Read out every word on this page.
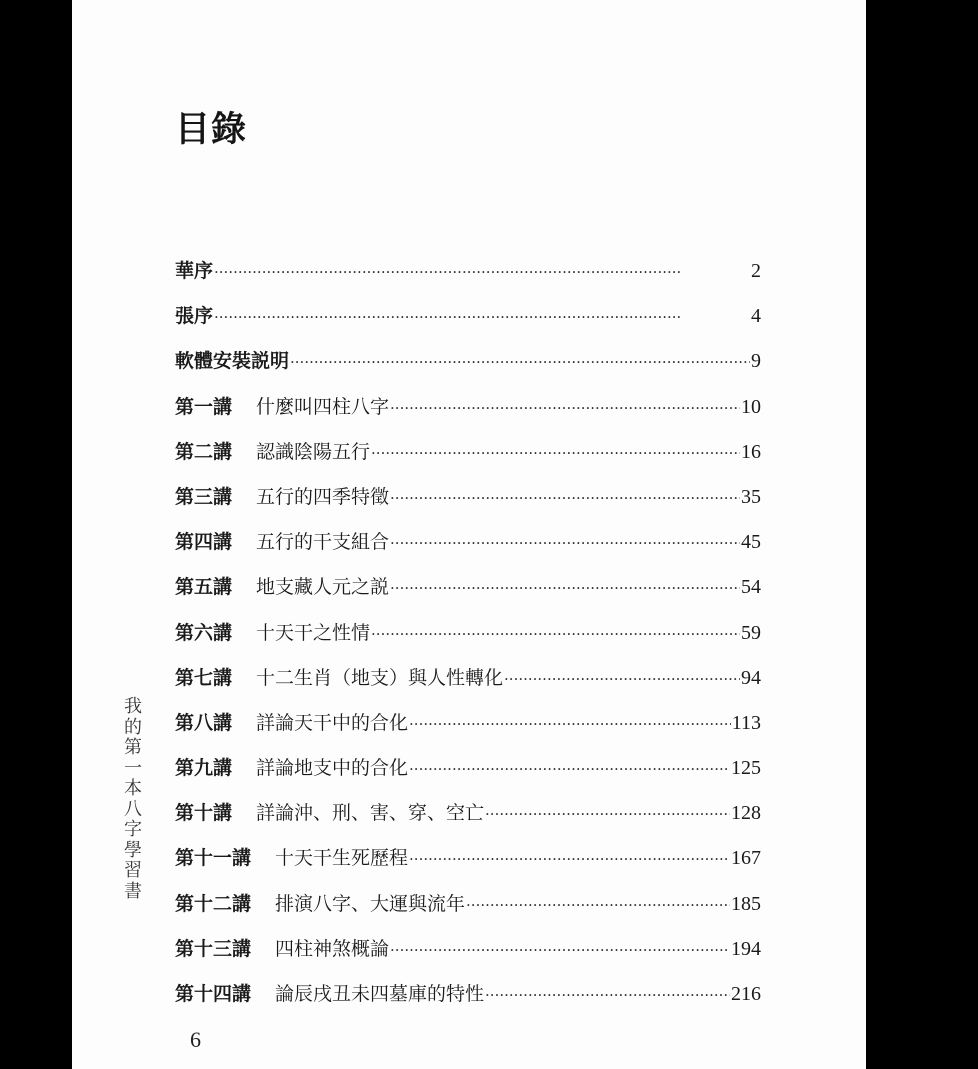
目錄
華序 ·····	2
張序 ·····	4
軟體安裝説明 ·····	9
第一講 什麼叫四柱八字 ·····	10
第二講 認識陰陽五行 ·····	16
第三講 五行的四季特徵 ·····	35
第四講 五行的干支組合 ·····	45
第五講 地支藏人元之説 ·····	54
第六講 十天干之性情 ·····	59
第七講 十二生肖（地支）與人性轉化 ·····	94
第八講 詳論天干中的合化 ·····	113
第九講 詳論地支中的合化 ·····	125
第十講 詳論沖、刑、害、穿、空亡 ·····	128
第十一講 十天干生死歷程 ·····	167
第十二講 排演八字、大運與流年 ·····	185
第十三講 四柱神煞概論 ·····	194
第十四講 論辰戌丑未四墓庫的特性 ·····	216
我的第一本八字學習書
6
